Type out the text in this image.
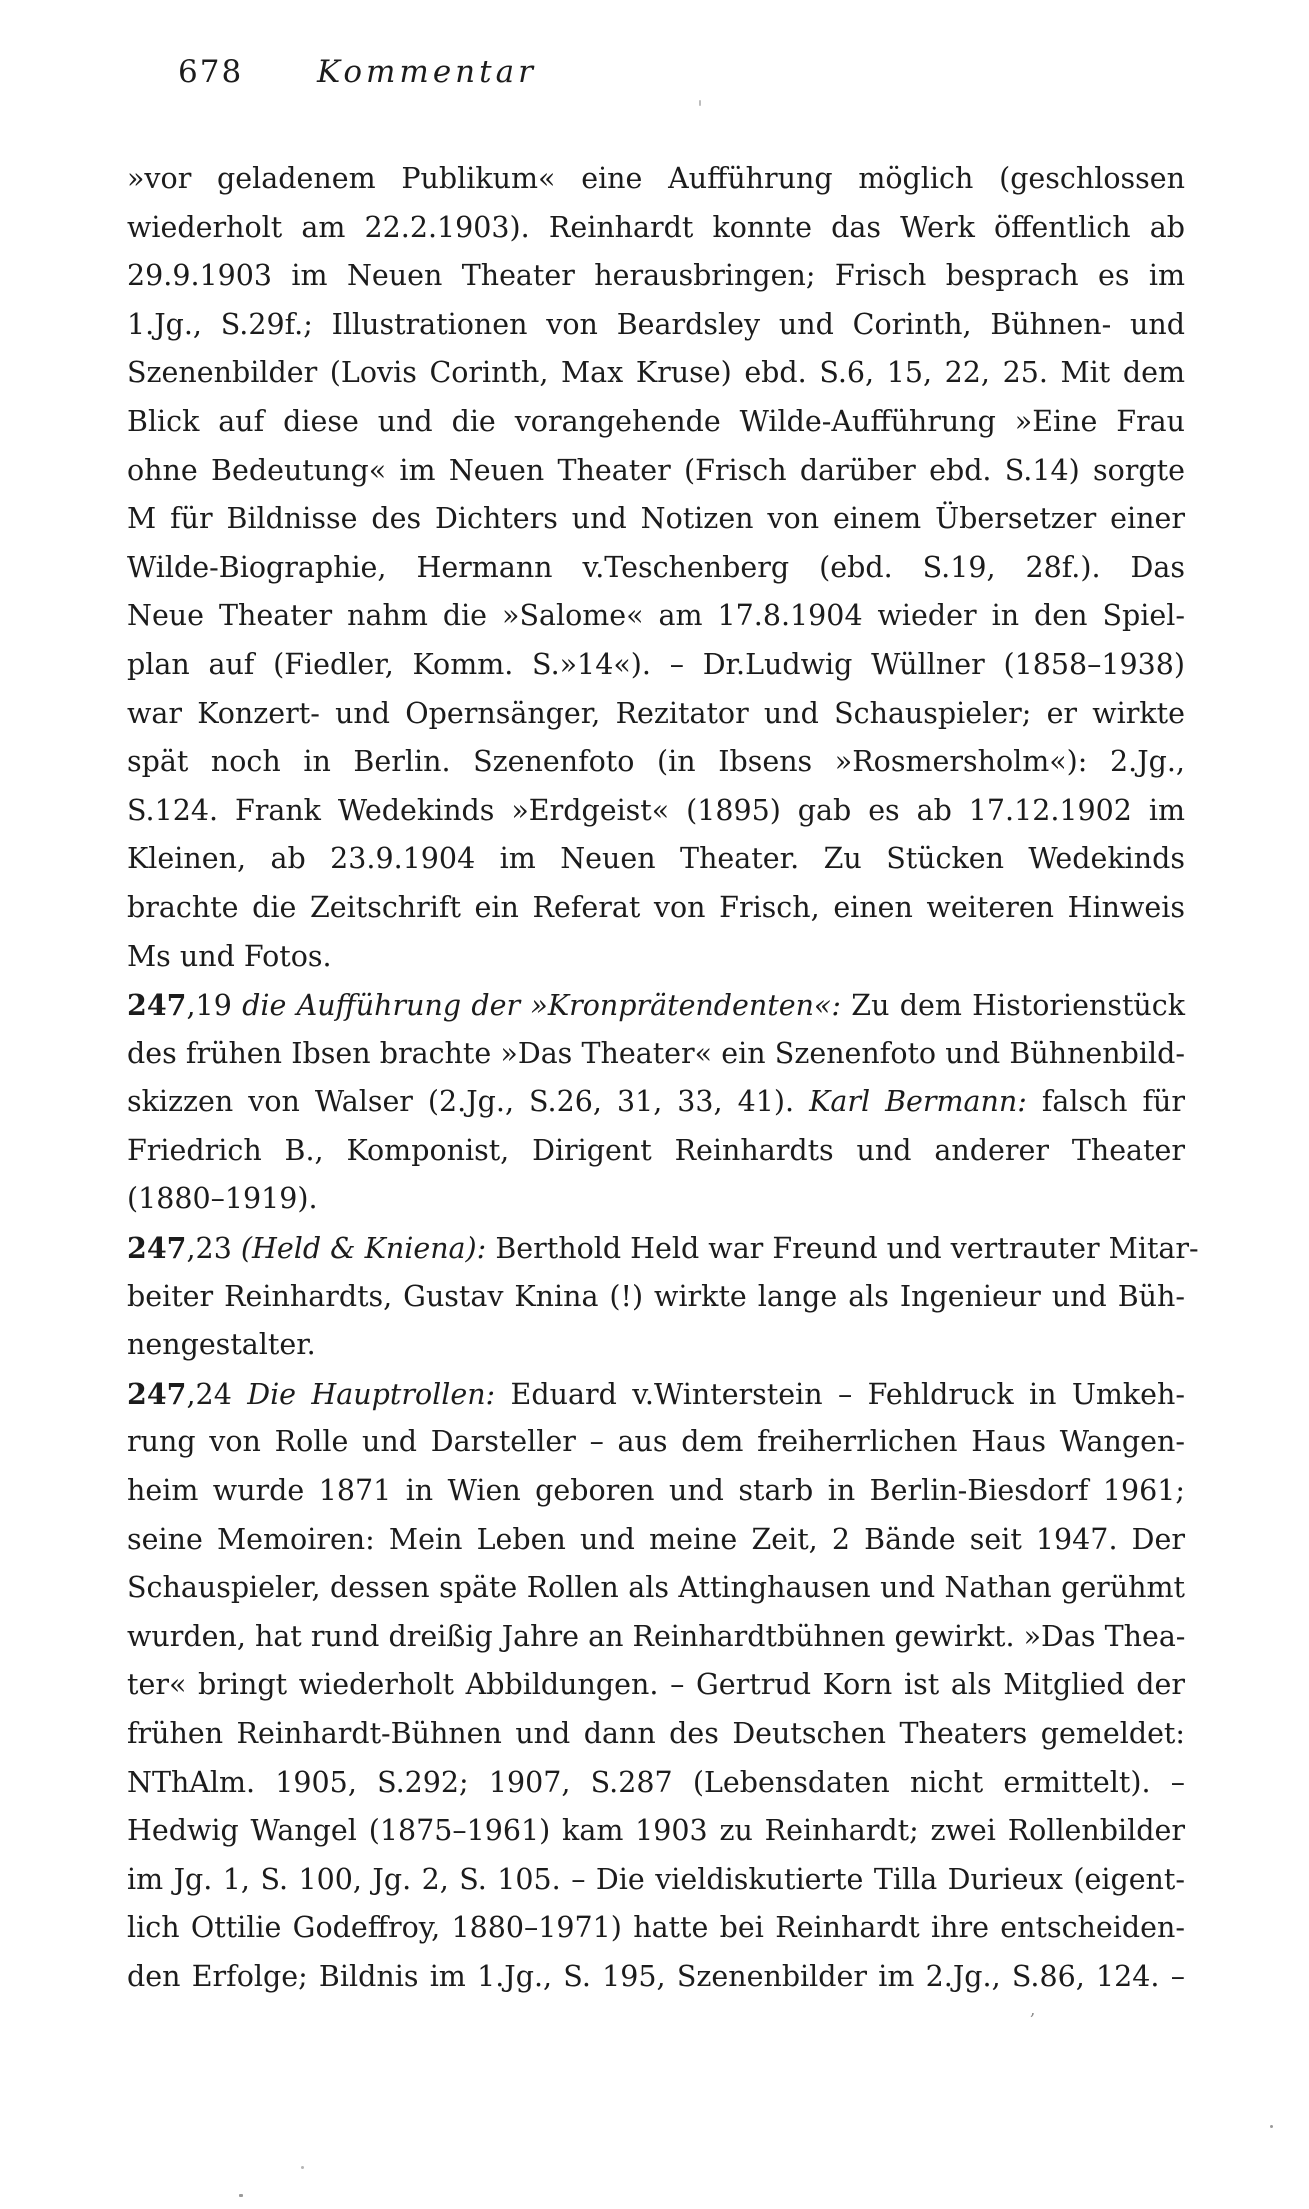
678 Kommentar
»vor geladenem Publikum« eine Aufführung möglich (geschlossen
wiederholt am 22.2.1903). Reinhardt konnte das Werk öffentlich ab
29.9.1903 im Neuen Theater herausbringen; Frisch besprach es im
1.Jg., S.29f.; Illustrationen von Beardsley und Corinth, Bühnen- und
Szenenbilder (Lovis Corinth, Max Kruse) ebd. S.6, 15, 22, 25. Mit dem
Blick auf diese und die vorangehende Wilde-Aufführung »Eine Frau
ohne Bedeutung« im Neuen Theater (Frisch darüber ebd. S.14) sorgte
M für Bildnisse des Dichters und Notizen von einem Übersetzer einer
Wilde-Biographie, Hermann v.Teschenberg (ebd. S.19, 28f.). Das
Neue Theater nahm die »Salome« am 17.8.1904 wieder in den Spiel-
plan auf (Fiedler, Komm. S.»14«). – Dr.Ludwig Wüllner (1858–1938)
war Konzert- und Opernsänger, Rezitator und Schauspieler; er wirkte
spät noch in Berlin. Szenenfoto (in Ibsens »Rosmersholm«): 2.Jg.,
S.124. Frank Wedekinds »Erdgeist« (1895) gab es ab 17.12.1902 im
Kleinen, ab 23.9.1904 im Neuen Theater. Zu Stücken Wedekinds
brachte die Zeitschrift ein Referat von Frisch, einen weiteren Hinweis
Ms und Fotos.
247,19 die Aufführung der »Kronprätendenten«: Zu dem Historienstück
des frühen Ibsen brachte »Das Theater« ein Szenenfoto und Bühnenbild-
skizzen von Walser (2.Jg., S.26, 31, 33, 41). Karl Bermann: falsch für
Friedrich B., Komponist, Dirigent Reinhardts und anderer Theater
(1880–1919).
247,23 (Held & Kniena): Berthold Held war Freund und vertrauter Mitar-
beiter Reinhardts, Gustav Knina (!) wirkte lange als Ingenieur und Büh-
nengestalter.
247,24 Die Hauptrollen: Eduard v.Winterstein – Fehldruck in Umkeh-
rung von Rolle und Darsteller – aus dem freiherrlichen Haus Wangen-
heim wurde 1871 in Wien geboren und starb in Berlin-Biesdorf 1961;
seine Memoiren: Mein Leben und meine Zeit, 2 Bände seit 1947. Der
Schauspieler, dessen späte Rollen als Attinghausen und Nathan gerühmt
wurden, hat rund dreißig Jahre an Reinhardtbühnen gewirkt. »Das Thea-
ter« bringt wiederholt Abbildungen. – Gertrud Korn ist als Mitglied der
frühen Reinhardt-Bühnen und dann des Deutschen Theaters gemeldet:
NThAlm. 1905, S.292; 1907, S.287 (Lebensdaten nicht ermittelt). –
Hedwig Wangel (1875–1961) kam 1903 zu Reinhardt; zwei Rollenbilder
im Jg. 1, S. 100, Jg. 2, S. 105. – Die vieldiskutierte Tilla Durieux (eigent-
lich Ottilie Godeffroy, 1880–1971) hatte bei Reinhardt ihre entscheiden-
den Erfolge; Bildnis im 1.Jg., S. 195, Szenenbilder im 2.Jg., S.86, 124. –
,
